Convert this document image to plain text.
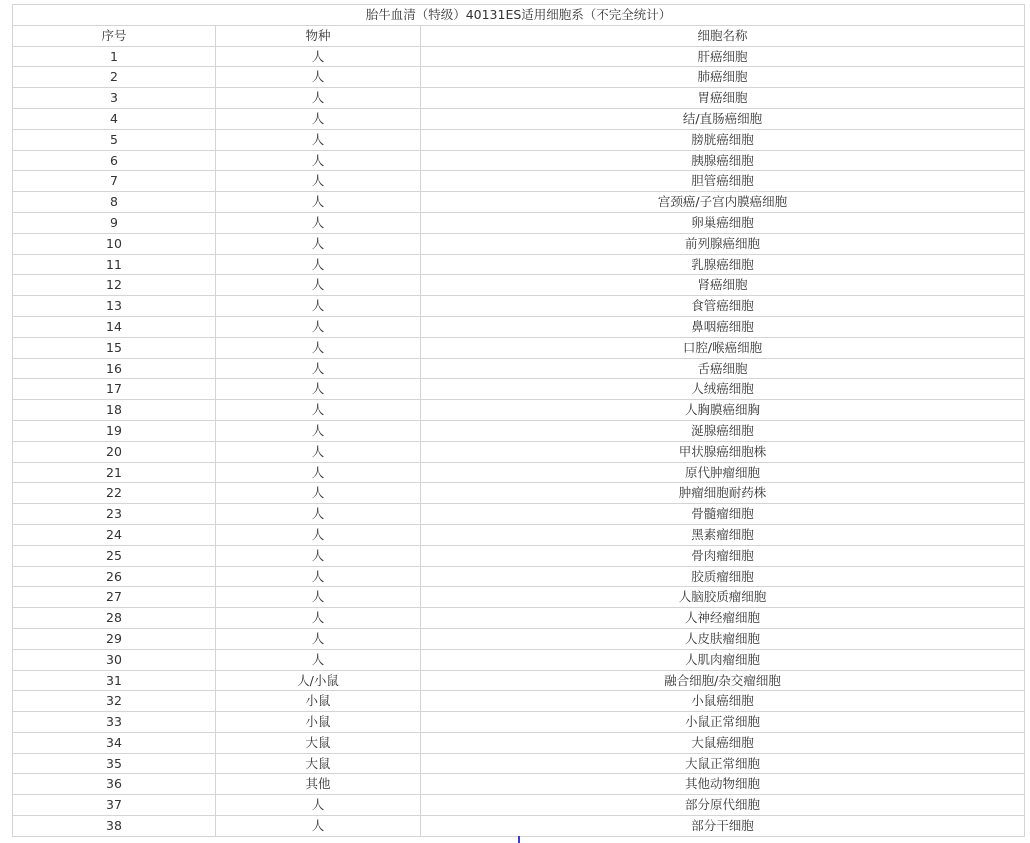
胎牛血清（特级）40131ES适用细胞系（不完全统计）		
序号	物种	细胞名称
1	人	肝癌细胞
2	人	肺癌细胞
3	人	胃癌细胞
4	人	结/直肠癌细胞
5	人	膀胱癌细胞
6	人	胰腺癌细胞
7	人	胆管癌细胞
8	人	宫颈癌/子宫内膜癌细胞
9	人	卵巢癌细胞
10	人	前列腺癌细胞
11	人	乳腺癌细胞
12	人	肾癌细胞
13	人	食管癌细胞
14	人	鼻咽癌细胞
15	人	口腔/喉癌细胞
16	人	舌癌细胞
17	人	人绒癌细胞
18	人	人胸膜癌细胸
19	人	涎腺癌细胞
20	人	甲状腺癌细胞株
21	人	原代肿瘤细胞
22	人	肿瘤细胞耐药株
23	人	骨髓瘤细胞
24	人	黑素瘤细胞
25	人	骨肉瘤细胞
26	人	胶质瘤细胞
27	人	人脑胶质瘤细胞
28	人	人神经瘤细胞
29	人	人皮肤瘤细胞
30	人	人肌肉瘤细胞
31	人/小鼠	融合细胞/杂交瘤细胞
32	小鼠	小鼠癌细胞
33	小鼠	小鼠正常细胞
34	大鼠	大鼠癌细胞
35	大鼠	大鼠正常细胞
36	其他	其他动物细胞
37	人	部分原代细胞
38	人	部分干细胞
